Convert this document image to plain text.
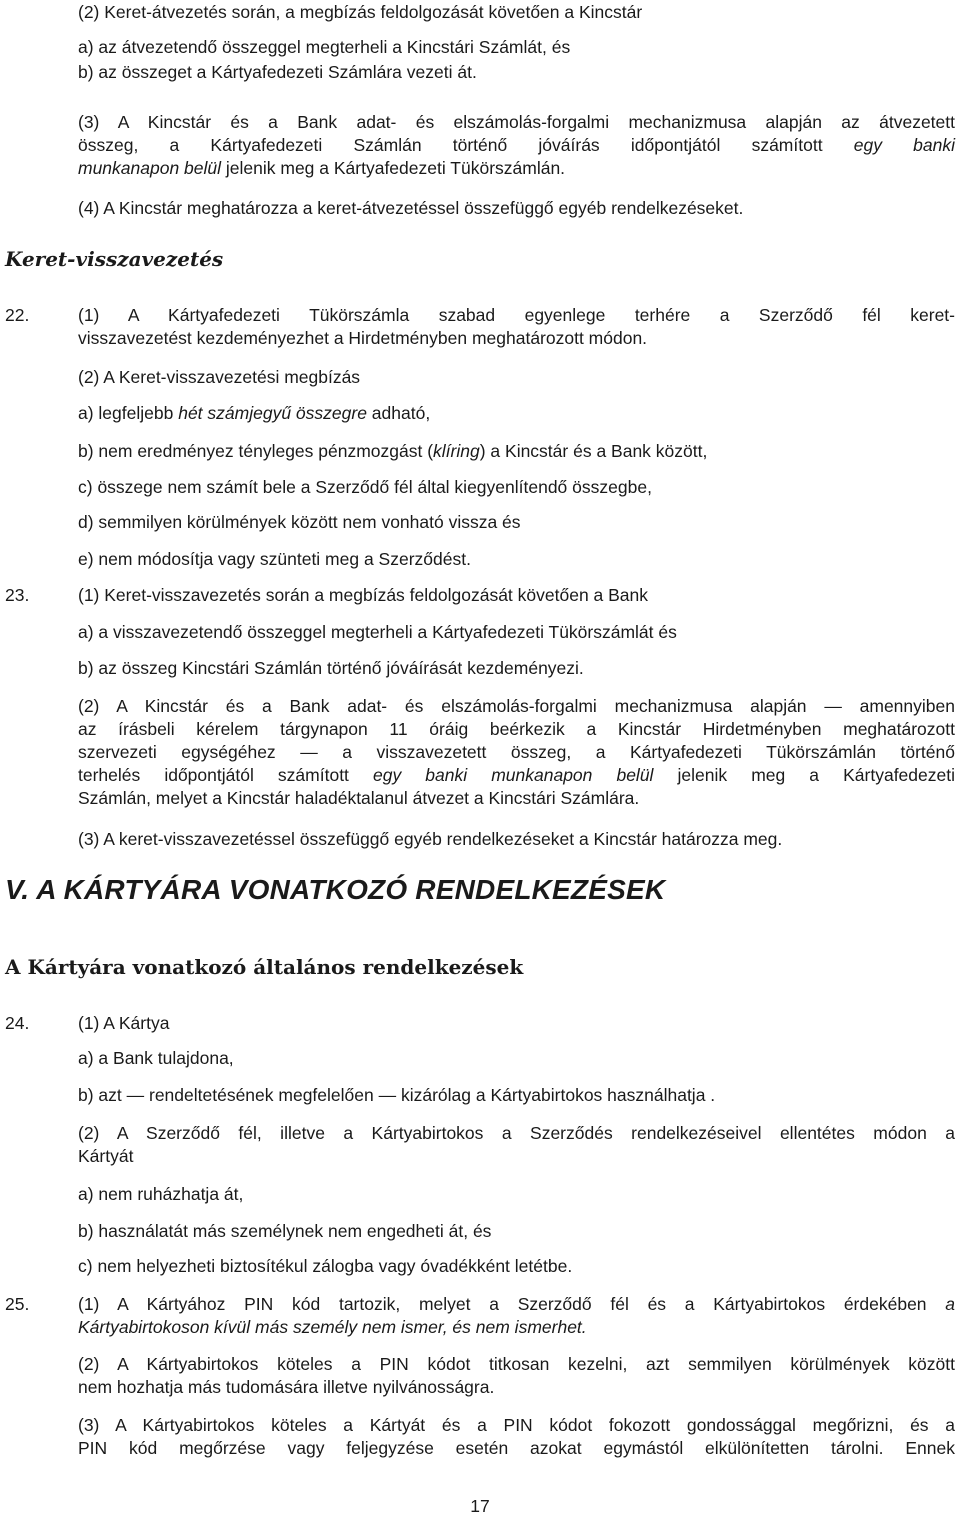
(2) Keret-átvezetés során, a megbízás feldolgozását követően a Kincstár
a) az átvezetendő összeggel megterheli a Kincstári Számlát, és
b) az összeget a Kártyafedezeti Számlára vezeti át.

(3) A Kincstár és a Bank adat- és elszámolás-forgalmi mechanizmusa alapján az átvezetett

összeg, a Kártyafedezeti Számlán történő jóváírás időpontjától számított egy banki

munkanapon belül jelenik meg a Kártyafedezeti Tükörszámlán.

(4) A Kincstár meghatározza a keret-átvezetéssel összefüggő egyéb rendelkezéseket.
Keret-visszavezetés
22.	(1) A Kártyafedezeti Tükörszámla szabad egyenlege terhére a Szerződő fél keret-

visszavezetést kezdeményezhet a Hirdetményben meghatározott módon.

(2) A Keret-visszavezetési megbízás
a) legfeljebb hét számjegyű összegre adható,
b) nem eredményez tényleges pénzmozgást (klíring) a Kincstár és a Bank között,
c) összege nem számít bele a Szerződő fél által kiegyenlítendő összegbe,
d) semmilyen körülmények között nem vonható vissza és
e) nem módosítja vagy szünteti meg a Szerződést.
23.	(1) Keret-visszavezetés során a megbízás feldolgozását követően a Bank
a) a visszavezetendő összeggel megterheli a Kártyafedezeti Tükörszámlát és
b) az összeg Kincstári Számlán történő jóváírását kezdeményezi.

(2) A Kincstár és a Bank adat- és elszámolás-forgalmi mechanizmusa alapján — amennyiben

az írásbeli kérelem tárgynapon 11 óráig beérkezik a Kincstár Hirdetményben meghatározott

szervezeti egységéhez — a visszavezetett összeg, a Kártyafedezeti Tükörszámlán történő

terhelés időpontjától számított egy banki munkanapon belül jelenik meg a Kártyafedezeti

Számlán, melyet a Kincstár haladéktalanul átvezet a Kincstári Számlára.

(3) A keret-visszavezetéssel összefüggő egyéb rendelkezéseket a Kincstár határozza meg.
V. A KÁRTYÁRA VONATKOZÓ RENDELKEZÉSEK
A Kártyára vonatkozó általános rendelkezések
24.	(1) A Kártya
a) a Bank tulajdona,
b) azt — rendeltetésének megfelelően — kizárólag a Kártyabirtokos használhatja .

(2) A Szerződő fél, illetve a Kártyabirtokos a Szerződés rendelkezéseivel ellentétes módon a

Kártyát

a) nem ruházhatja át,
b) használatát más személynek nem engedheti át, és
c) nem helyezheti biztosítékul zálogba vagy óvadékként letétbe.
25.	(1) A Kártyához PIN kód tartozik, melyet a Szerződő fél és a Kártyabirtokos érdekében a

Kártyabirtokoson kívül más személy nem ismer, és nem ismerhet.

(2) A Kártyabirtokos köteles a PIN kódot titkosan kezelni, azt semmilyen körülmények között

nem hozhatja más tudomására illetve nyilvánosságra.

(3) A Kártyabirtokos köteles a Kártyát és a PIN kódot fokozott gondossággal megőrizni, és a

PIN kód megőrzése vagy feljegyzése esetén azokat egymástól elkülönítetten tárolni. Ennek

17
